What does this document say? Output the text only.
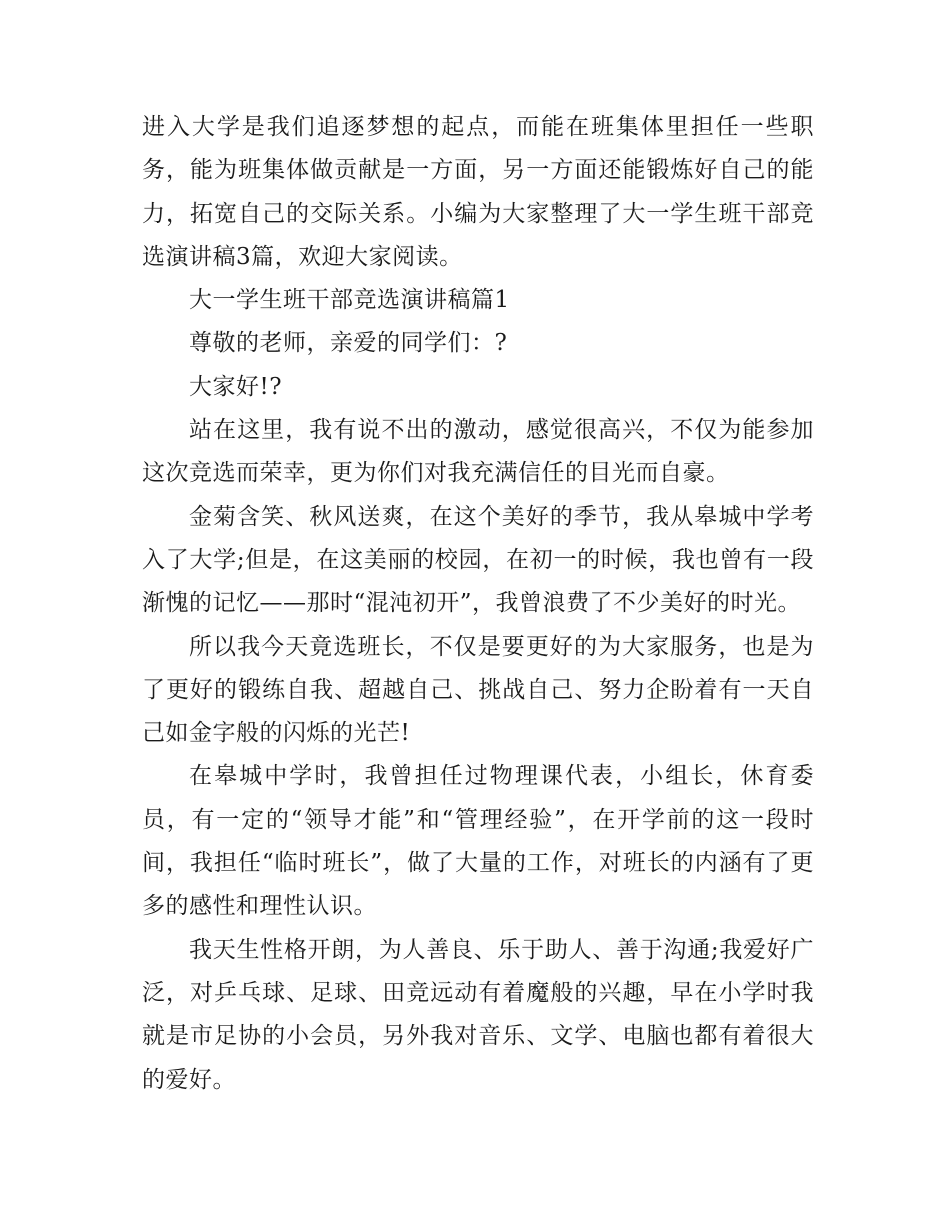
进入大学是我们追逐梦想的起点，而能在班集体里担任一些职务，能为班集体做贡献是一方面，另一方面还能锻炼好自己的能力，拓宽自己的交际关系。小编为大家整理了大一学生班干部竞选演讲稿3篇，欢迎大家阅读。

大一学生班干部竞选演讲稿篇1

尊敬的老师，亲爱的同学们：?

大家好!?

站在这里，我有说不出的激动，感觉很高兴，不仅为能参加这次竞选而荣幸，更为你们对我充满信任的目光而自豪。

金菊含笑、秋风送爽，在这个美好的季节，我从皋城中学考入了大学;但是，在这美丽的校园，在初一的时候，我也曾有一段渐愧的记忆——那时“混沌初开”，我曾浪费了不少美好的时光。

所以我今天竟选班长，不仅是要更好的为大家服务，也是为了更好的锻练自我、超越自己、挑战自己、努力企盼着有一天自己如金字般的闪烁的光芒!

在皋城中学时，我曾担任过物理课代表，小组长，休育委员，有一定的“领导才能”和“管理经验”，在开学前的这一段时间，我担任“临时班长”，做了大量的工作，对班长的内涵有了更多的感性和理性认识。

我天生性格开朗，为人善良、乐于助人、善于沟通;我爱好广泛，对乒乓球、足球、田竞远动有着魔般的兴趣，早在小学时我就是市足协的小会员，另外我对音乐、文学、电脑也都有着很大的爱好。
